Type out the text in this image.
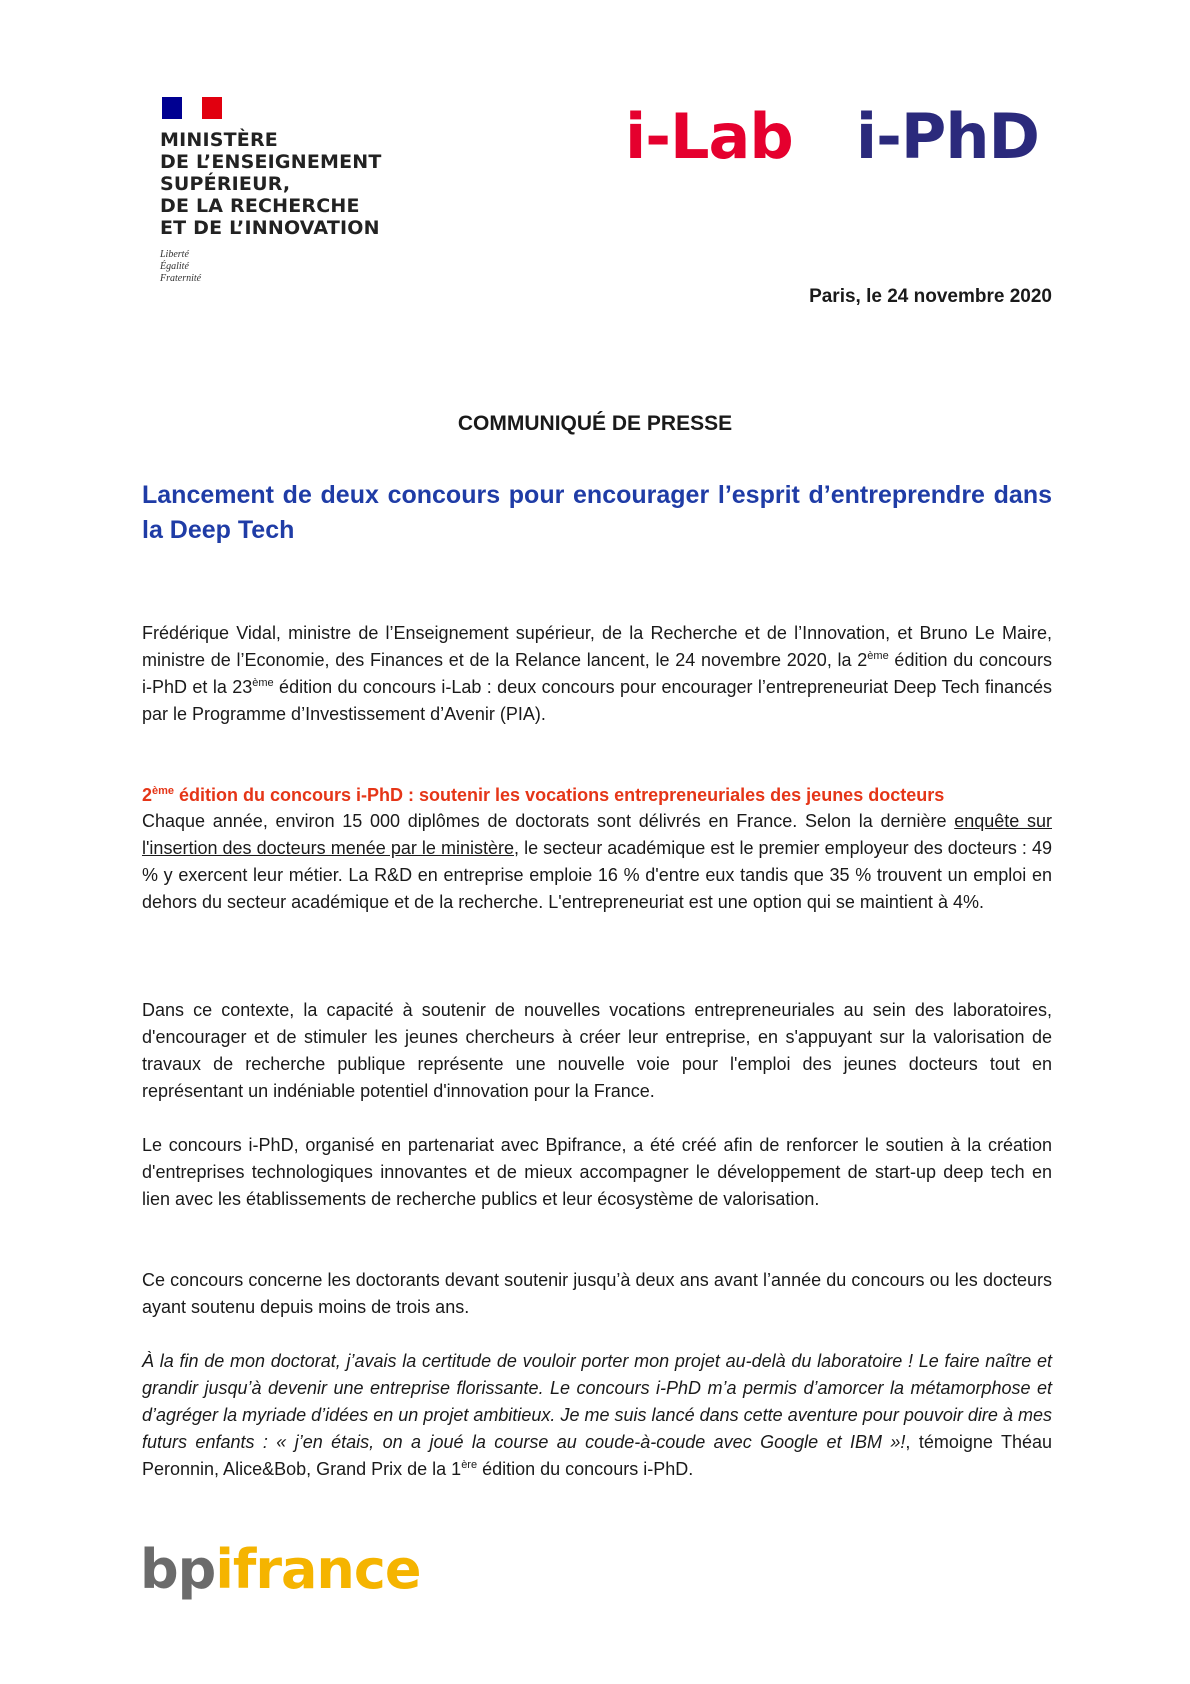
MINISTÈRE
DE L’ENSEIGNEMENT
SUPÉRIEUR,
DE LA RECHERCHE
ET DE L’INNOVATION
Liberté
Égalité
Fraternité
i-Lab i-PhD
Paris, le 24 novembre 2020
COMMUNIQUÉ DE PRESSE

Lancement de deux concours pour encourager l’esprit d’entreprendre dans la Deep Tech

Frédérique Vidal, ministre de l’Enseignement supérieur, de la Recherche et de l’Innovation, et Bruno Le Maire, ministre de l’Economie, des Finances et de la Relance lancent, le 24 novembre 2020, la 2ème édition du concours i-PhD et la 23ème édition du concours i-Lab : deux concours pour encourager l’entrepreneuriat Deep Tech financés par le Programme d’Investissement d’Avenir (PIA).

2ème édition du concours i-PhD : soutenir les vocations entrepreneuriales des jeunes docteurs

Chaque année, environ 15 000 diplômes de doctorats sont délivrés en France. Selon la dernière enquête sur l'insertion des docteurs menée par le ministère, le secteur académique est le premier employeur des docteurs : 49 % y exercent leur métier. La R&D en entreprise emploie 16 % d'entre eux tandis que 35 % trouvent un emploi en dehors du secteur académique et de la recherche. L'entrepreneuriat est une option qui se maintient à 4%.

Dans ce contexte, la capacité à soutenir de nouvelles vocations entrepreneuriales au sein des laboratoires, d'encourager et de stimuler les jeunes chercheurs à créer leur entreprise, en s'appuyant sur la valorisation de travaux de recherche publique représente une nouvelle voie pour l'emploi des jeunes docteurs tout en représentant un indéniable potentiel d'innovation pour la France.

Le concours i-PhD, organisé en partenariat avec Bpifrance, a été créé afin de renforcer le soutien à la création d'entreprises technologiques innovantes et de mieux accompagner le développement de start-up deep tech en lien avec les établissements de recherche publics et leur écosystème de valorisation.

Ce concours concerne les doctorants devant soutenir jusqu’à deux ans avant l’année du concours ou les docteurs ayant soutenu depuis moins de trois ans.

À la fin de mon doctorat, j’avais la certitude de vouloir porter mon projet au-delà du laboratoire ! Le faire naître et grandir jusqu’à devenir une entreprise florissante. Le concours i-PhD m’a permis d’amorcer la métamorphose et d’agréger la myriade d’idées en un projet ambitieux. Je me suis lancé dans cette aventure pour pouvoir dire à mes futurs enfants : « j’en étais, on a joué la course au coude-à-coude avec Google et IBM »!, témoigne Théau Peronnin, Alice&Bob, Grand Prix de la 1ère édition du concours i-PhD.

bpifrance
